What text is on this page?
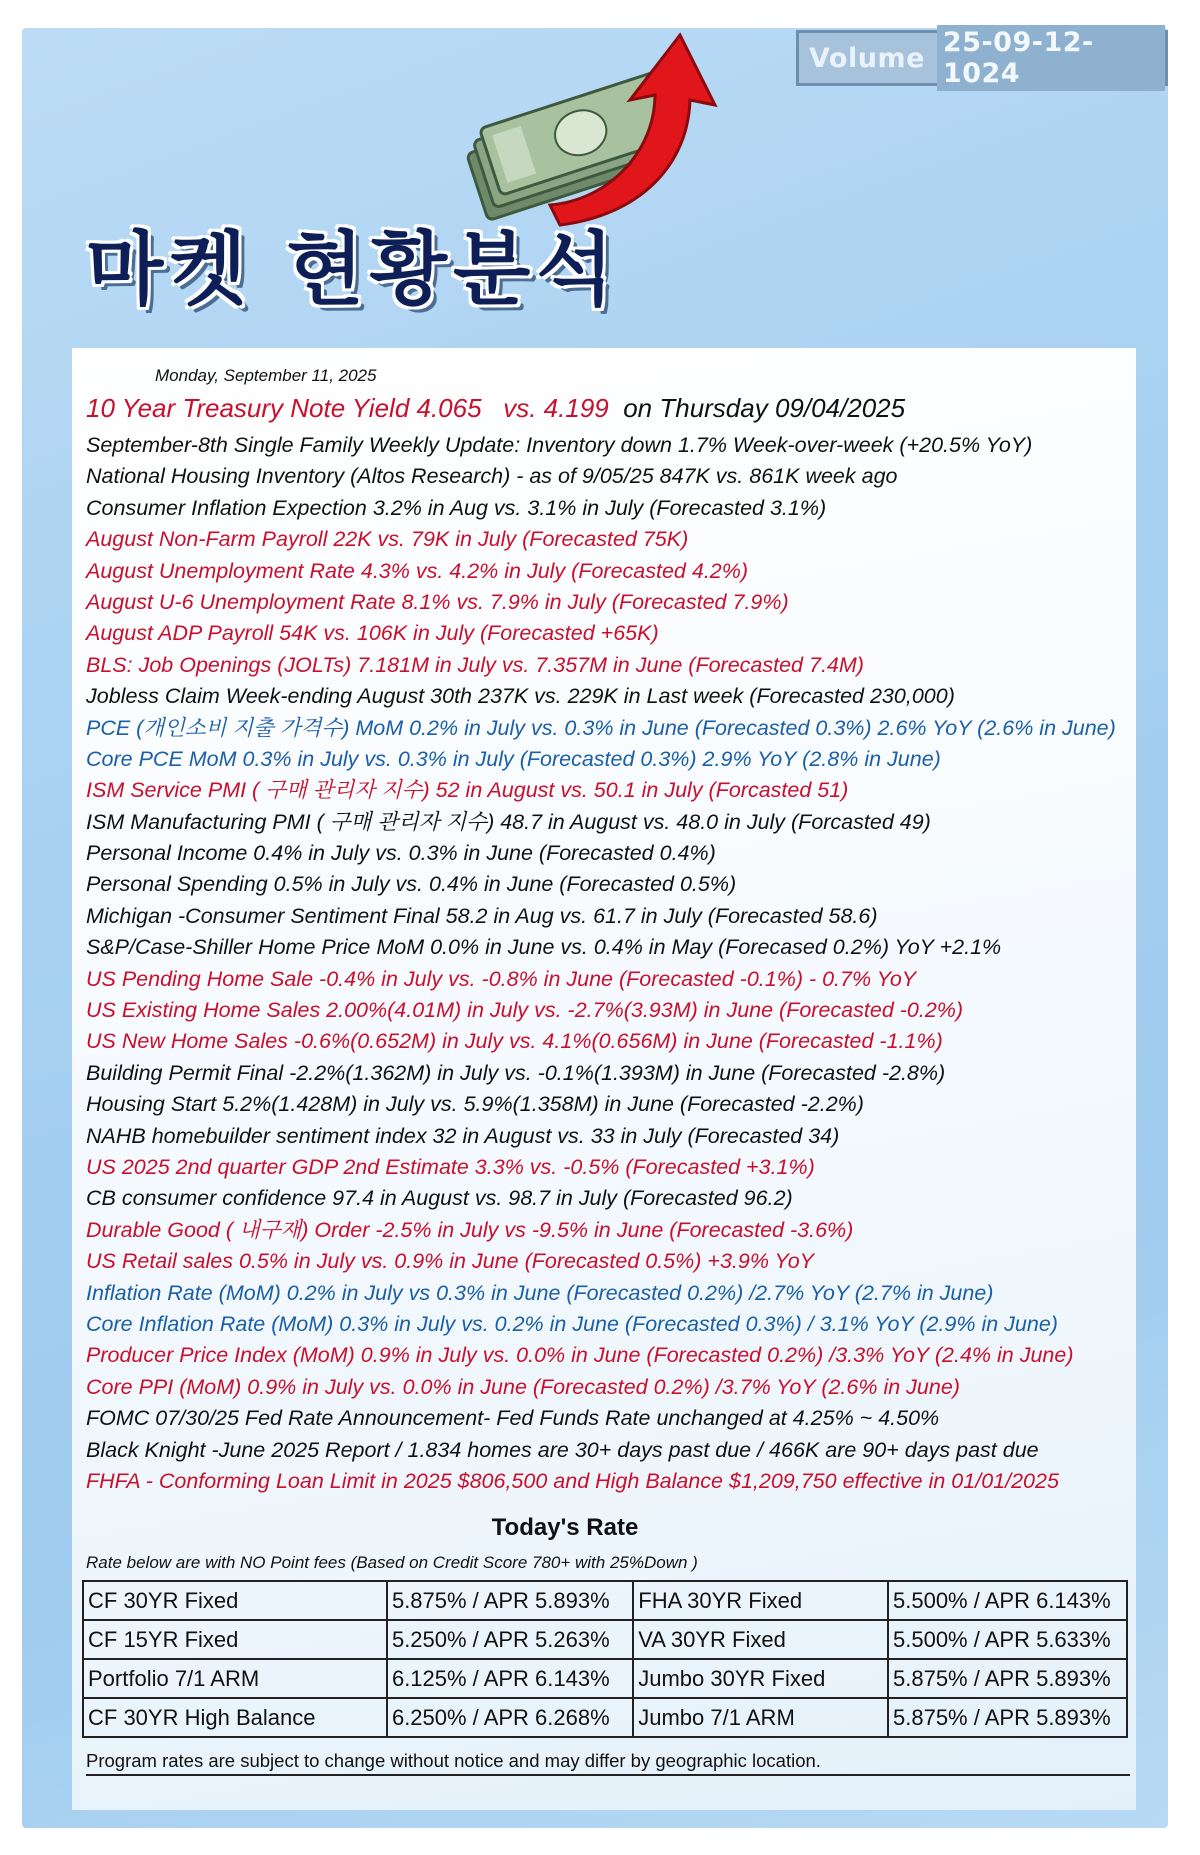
Volume 25-09-12-1024
마켓 현황분석
Monday, September 11, 2025
10 Year Treasury Note Yield 4.065 vs. 4.199 on Thursday 09/04/2025
September-8th Single Family Weekly Update: Inventory down 1.7% Week-over-week (+20.5% YoY)
National Housing Inventory (Altos Research) - as of 9/05/25 847K vs. 861K week ago
Consumer Inflation Expection 3.2% in Aug vs. 3.1% in July (Forecasted 3.1%)
August Non-Farm Payroll 22K vs. 79K in July (Forecasted 75K)
August Unemployment Rate 4.3% vs. 4.2% in July (Forecasted 4.2%)
August U-6 Unemployment Rate 8.1% vs. 7.9% in July (Forecasted 7.9%)
August ADP Payroll 54K vs. 106K in July (Forecasted +65K)
BLS: Job Openings (JOLTs) 7.181M in July vs. 7.357M in June (Forecasted 7.4M)
Jobless Claim Week-ending August 30th 237K vs. 229K in Last week (Forecasted 230,000)
PCE (개인소비 지출 가격수) MoM 0.2% in July vs. 0.3% in June (Forecasted 0.3%) 2.6% YoY (2.6% in June)
Core PCE MoM 0.3% in July vs. 0.3% in July (Forecasted 0.3%) 2.9% YoY (2.8% in June)
ISM Service PMI ( 구매 관리자 지수) 52 in August vs. 50.1 in July (Forcasted 51)
ISM Manufacturing PMI ( 구매 관리자 지수) 48.7 in August vs. 48.0 in July (Forcasted 49)
Personal Income 0.4% in July vs. 0.3% in June (Forecasted 0.4%)
Personal Spending 0.5% in July vs. 0.4% in June (Forecasted 0.5%)
Michigan -Consumer Sentiment Final 58.2 in Aug vs. 61.7 in July (Forecasted 58.6)
S&P/Case-Shiller Home Price MoM 0.0% in June vs. 0.4% in May (Forecased 0.2%) YoY +2.1%
US Pending Home Sale -0.4% in July vs. -0.8% in June (Forecasted -0.1%) - 0.7% YoY
US Existing Home Sales 2.00%(4.01M) in July vs. -2.7%(3.93M) in June (Forecasted -0.2%)
US New Home Sales -0.6%(0.652M) in July vs. 4.1%(0.656M) in June (Forecasted -1.1%)
Building Permit Final -2.2%(1.362M) in July vs. -0.1%(1.393M) in June (Forecasted -2.8%)
Housing Start 5.2%(1.428M) in July vs. 5.9%(1.358M) in June (Forecasted -2.2%)
NAHB homebuilder sentiment index 32 in August vs. 33 in July (Forecasted 34)
US 2025 2nd quarter GDP 2nd Estimate 3.3% vs. -0.5% (Forecasted +3.1%)
CB consumer confidence 97.4 in August vs. 98.7 in July (Forecasted 96.2)
Durable Good ( 내구재) Order -2.5% in July vs -9.5% in June (Forecasted -3.6%)
US Retail sales 0.5% in July vs. 0.9% in June (Forecasted 0.5%) +3.9% YoY
Inflation Rate (MoM) 0.2% in July vs 0.3% in June (Forecasted 0.2%) /2.7% YoY (2.7% in June)
Core Inflation Rate (MoM) 0.3% in July vs. 0.2% in June (Forecasted 0.3%) / 3.1% YoY (2.9% in June)
Producer Price Index (MoM) 0.9% in July vs. 0.0% in June (Forecasted 0.2%) /3.3% YoY (2.4% in June)
Core PPI (MoM) 0.9% in July vs. 0.0% in June (Forecasted 0.2%) /3.7% YoY (2.6% in June)
FOMC 07/30/25 Fed Rate Announcement- Fed Funds Rate unchanged at 4.25% ~ 4.50%
Black Knight -June 2025 Report / 1.834 homes are 30+ days past due / 466K are 90+ days past due
FHFA - Conforming Loan Limit in 2025 $806,500 and High Balance $1,209,750 effective in 01/01/2025
Today's Rate
Rate below are with NO Point fees (Based on Credit Score 780+ with 25%Down )
CF 30YR Fixed	5.875% / APR 5.893%	FHA 30YR Fixed	5.500% / APR 6.143%
CF 15YR Fixed	5.250% / APR 5.263%	VA 30YR Fixed	5.500% / APR 5.633%
Portfolio 7/1 ARM	6.125% / APR 6.143%	Jumbo 30YR Fixed	5.875% / APR 5.893%
CF 30YR High Balance	6.250% / APR 6.268%	Jumbo 7/1 ARM	5.875% / APR 5.893%
Program rates are subject to change without notice and may differ by geographic location.
